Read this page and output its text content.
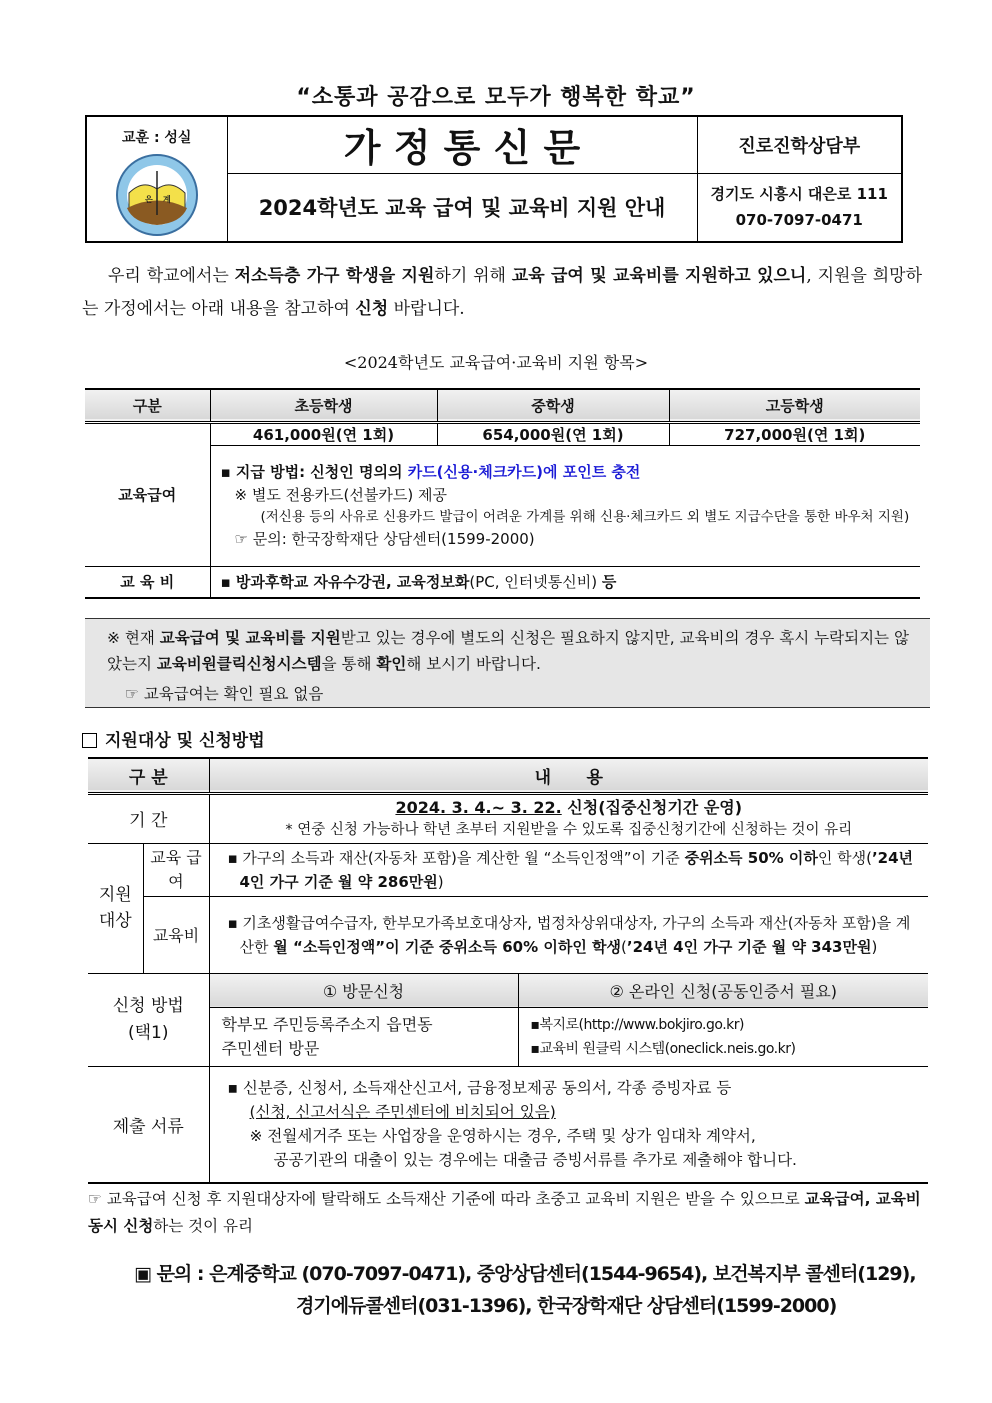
“소통과 공감으로 모두가 행복한 학교”
교훈 : 성실
은 계	가 정 통 신 문	진로진학상담부
	2024학년도 교육 급여 및 교육비 지원 안내	경기도 시흥시 대은로 111
070-7097-0471
우리 학교에서는 저소득층 가구 학생을 지원하기 위해 교육 급여 및 교육비를 지원하고 있으니, 지원을 희망하는 가정에서는 아래 내용을 참고하여 신청 바랍니다.
<2024학년도 교육급여·교육비 지원 항목>
구분	초등학생	중학생	고등학생
교육급여	461,000원(연 1회)	654,000원(연 1회)	727,000원(연 1회)

	▪ 지급 방법: 신청인 명의의 카드(신용·체크카드)에 포인트 충전
※ 별도 전용카드(선불카드) 제공
(저신용 등의 사유로 신용카드 발급이 어려운 가계를 위해 신용·체크카드 외 별도 지급수단을 통한 바우처 지원)
☞ 문의: 한국장학재단 상담센터(1599-2000)		

교 육 비	▪ 방과후학교 자유수강권, 교육정보화(PC, 인터넷통신비) 등		
※ 현재 교육급여 및 교육비를 지원받고 있는 경우에 별도의 신청은 필요하지 않지만, 교육비의 경우 혹시 누락되지는 않았는지 교육비원클릭신청시스템을 통해 확인해 보시기 바랍니다.
☞ 교육급여는 확인 필요 없음
지원대상 및 신청방법
구 분		내      용	
기 간		2024. 3. 4.~ 3. 22. 신청(집중신청기간 운영)
* 연중 신청 가능하나 학년 초부터 지원받을 수 있도록 집중신청기간에 신청하는 것이 유리	

지원 대상	교육 급여	▪ 가구의 소득과 재산(자동차 포함)을 계산한 월 “소득인정액”이 기준 중위소득 50% 이하인 학생(’24년 4인 가구 기준 월 약 286만원)	
	교육비	▪ 기초생활급여수급자, 한부모가족보호대상자, 법정차상위대상자, 가구의 소득과 재산(자동차 포함)을 계산한 월 “소득인정액”이 기준 중위소득 60% 이하인 학생(’24년 4인 가구 기준 월 약 343만원)	

신청 방법
(택1)		① 방문신청	② 온라인 신청(공동인증서 필요)
		학부모 주민등록주소지 읍면동 주민센터 방문	▪복지로(http://www.bokjiro.go.kr)
▪교육비 원클릭 시스템(oneclick.neis.go.kr)

제출 서류		▪ 신분증, 신청서, 소득재산신고서, 금융정보제공 동의서, 각종 증빙자료 등
(신청, 신고서식은 주민센터에 비치되어 있음)
※ 전월세거주 또는 사업장을 운영하시는 경우, 주택 및 상가 임대차 계약서,
공공기관의 대출이 있는 경우에는 대출금 증빙서류를 추가로 제출해야 합니다.	
☞ 교육급여 신청 후 지원대상자에 탈락해도 소득재산 기준에 따라 초중고 교육비 지원은 받을 수 있으므로 교육급여, 교육비 동시 신청하는 것이 유리
▣ 문의 : 은계중학교 (070-7097-0471), 중앙상담센터(1544-9654), 보건복지부 콜센터(129),
경기에듀콜센터(031-1396), 한국장학재단 상담센터(1599-2000)
